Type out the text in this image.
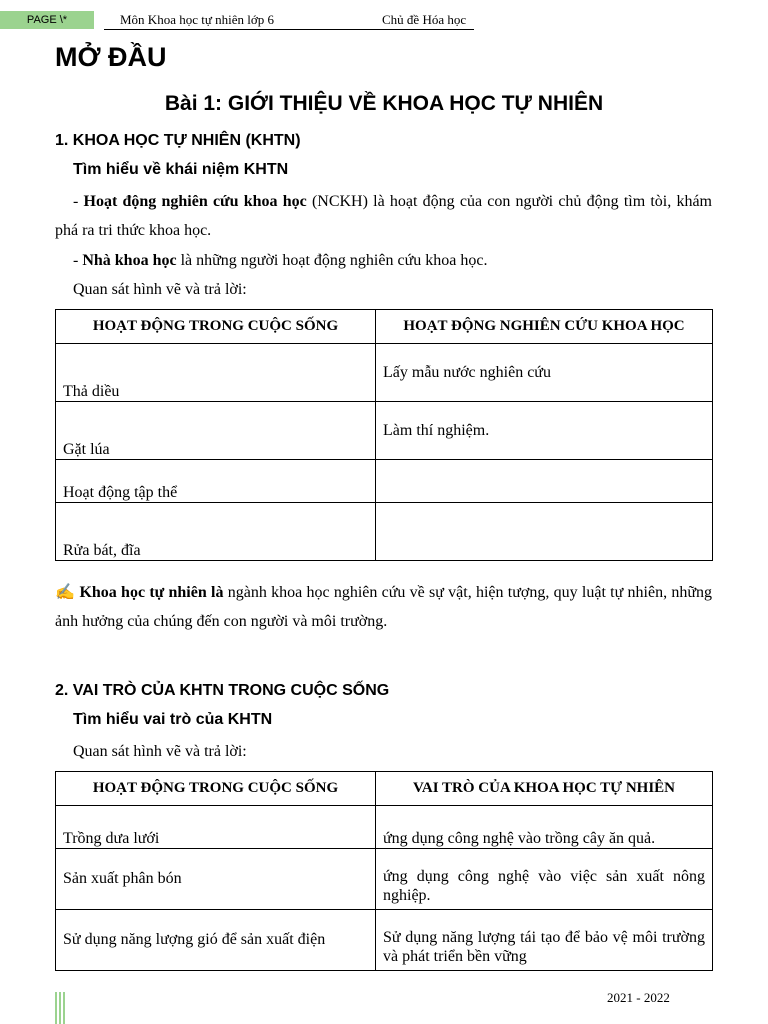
PAGE \*	Môn Khoa học tự nhiên lớp 6	Chủ đề Hóa học
MỞ ĐẦU
Bài 1: GIỚI THIỆU VỀ KHOA HỌC TỰ NHIÊN
1. KHOA HỌC TỰ NHIÊN (KHTN)
Tìm hiểu về khái niệm KHTN

- Hoạt động nghiên cứu khoa học (NCKH) là hoạt động của con người chủ động tìm tòi, khám phá ra tri thức khoa học.

- Nhà khoa học là những người hoạt động nghiên cứu khoa học.

Quan sát hình vẽ và trả lời:

HOẠT ĐỘNG TRONG CUỘC SỐNG	HOẠT ĐỘNG NGHIÊN CỨU KHOA HỌC
Thả diều	Lấy mẫu nước nghiên cứu
Gặt lúa	Làm thí nghiệm.
Hoạt động tập thể	
Rửa bát, đĩa	

✍ Khoa học tự nhiên là ngành khoa học nghiên cứu về sự vật, hiện tượng, quy luật tự nhiên, những ảnh hưởng của chúng đến con người và môi trường.

2. VAI TRÒ CỦA KHTN TRONG CUỘC SỐNG
Tìm hiểu vai trò của KHTN

Quan sát hình vẽ và trả lời:

HOẠT ĐỘNG TRONG CUỘC SỐNG	VAI TRÒ CỦA KHOA HỌC TỰ NHIÊN
Trồng dưa lưới	ứng dụng công nghệ vào trồng cây ăn quả.
Sản xuất phân bón	ứng dụng công nghệ vào việc sản xuất nông nghiệp.
Sử dụng năng lượng gió để sản xuất điện	Sử dụng năng lượng tái tạo để bảo vệ môi trường và phát triển bền vững
2021 - 2022
